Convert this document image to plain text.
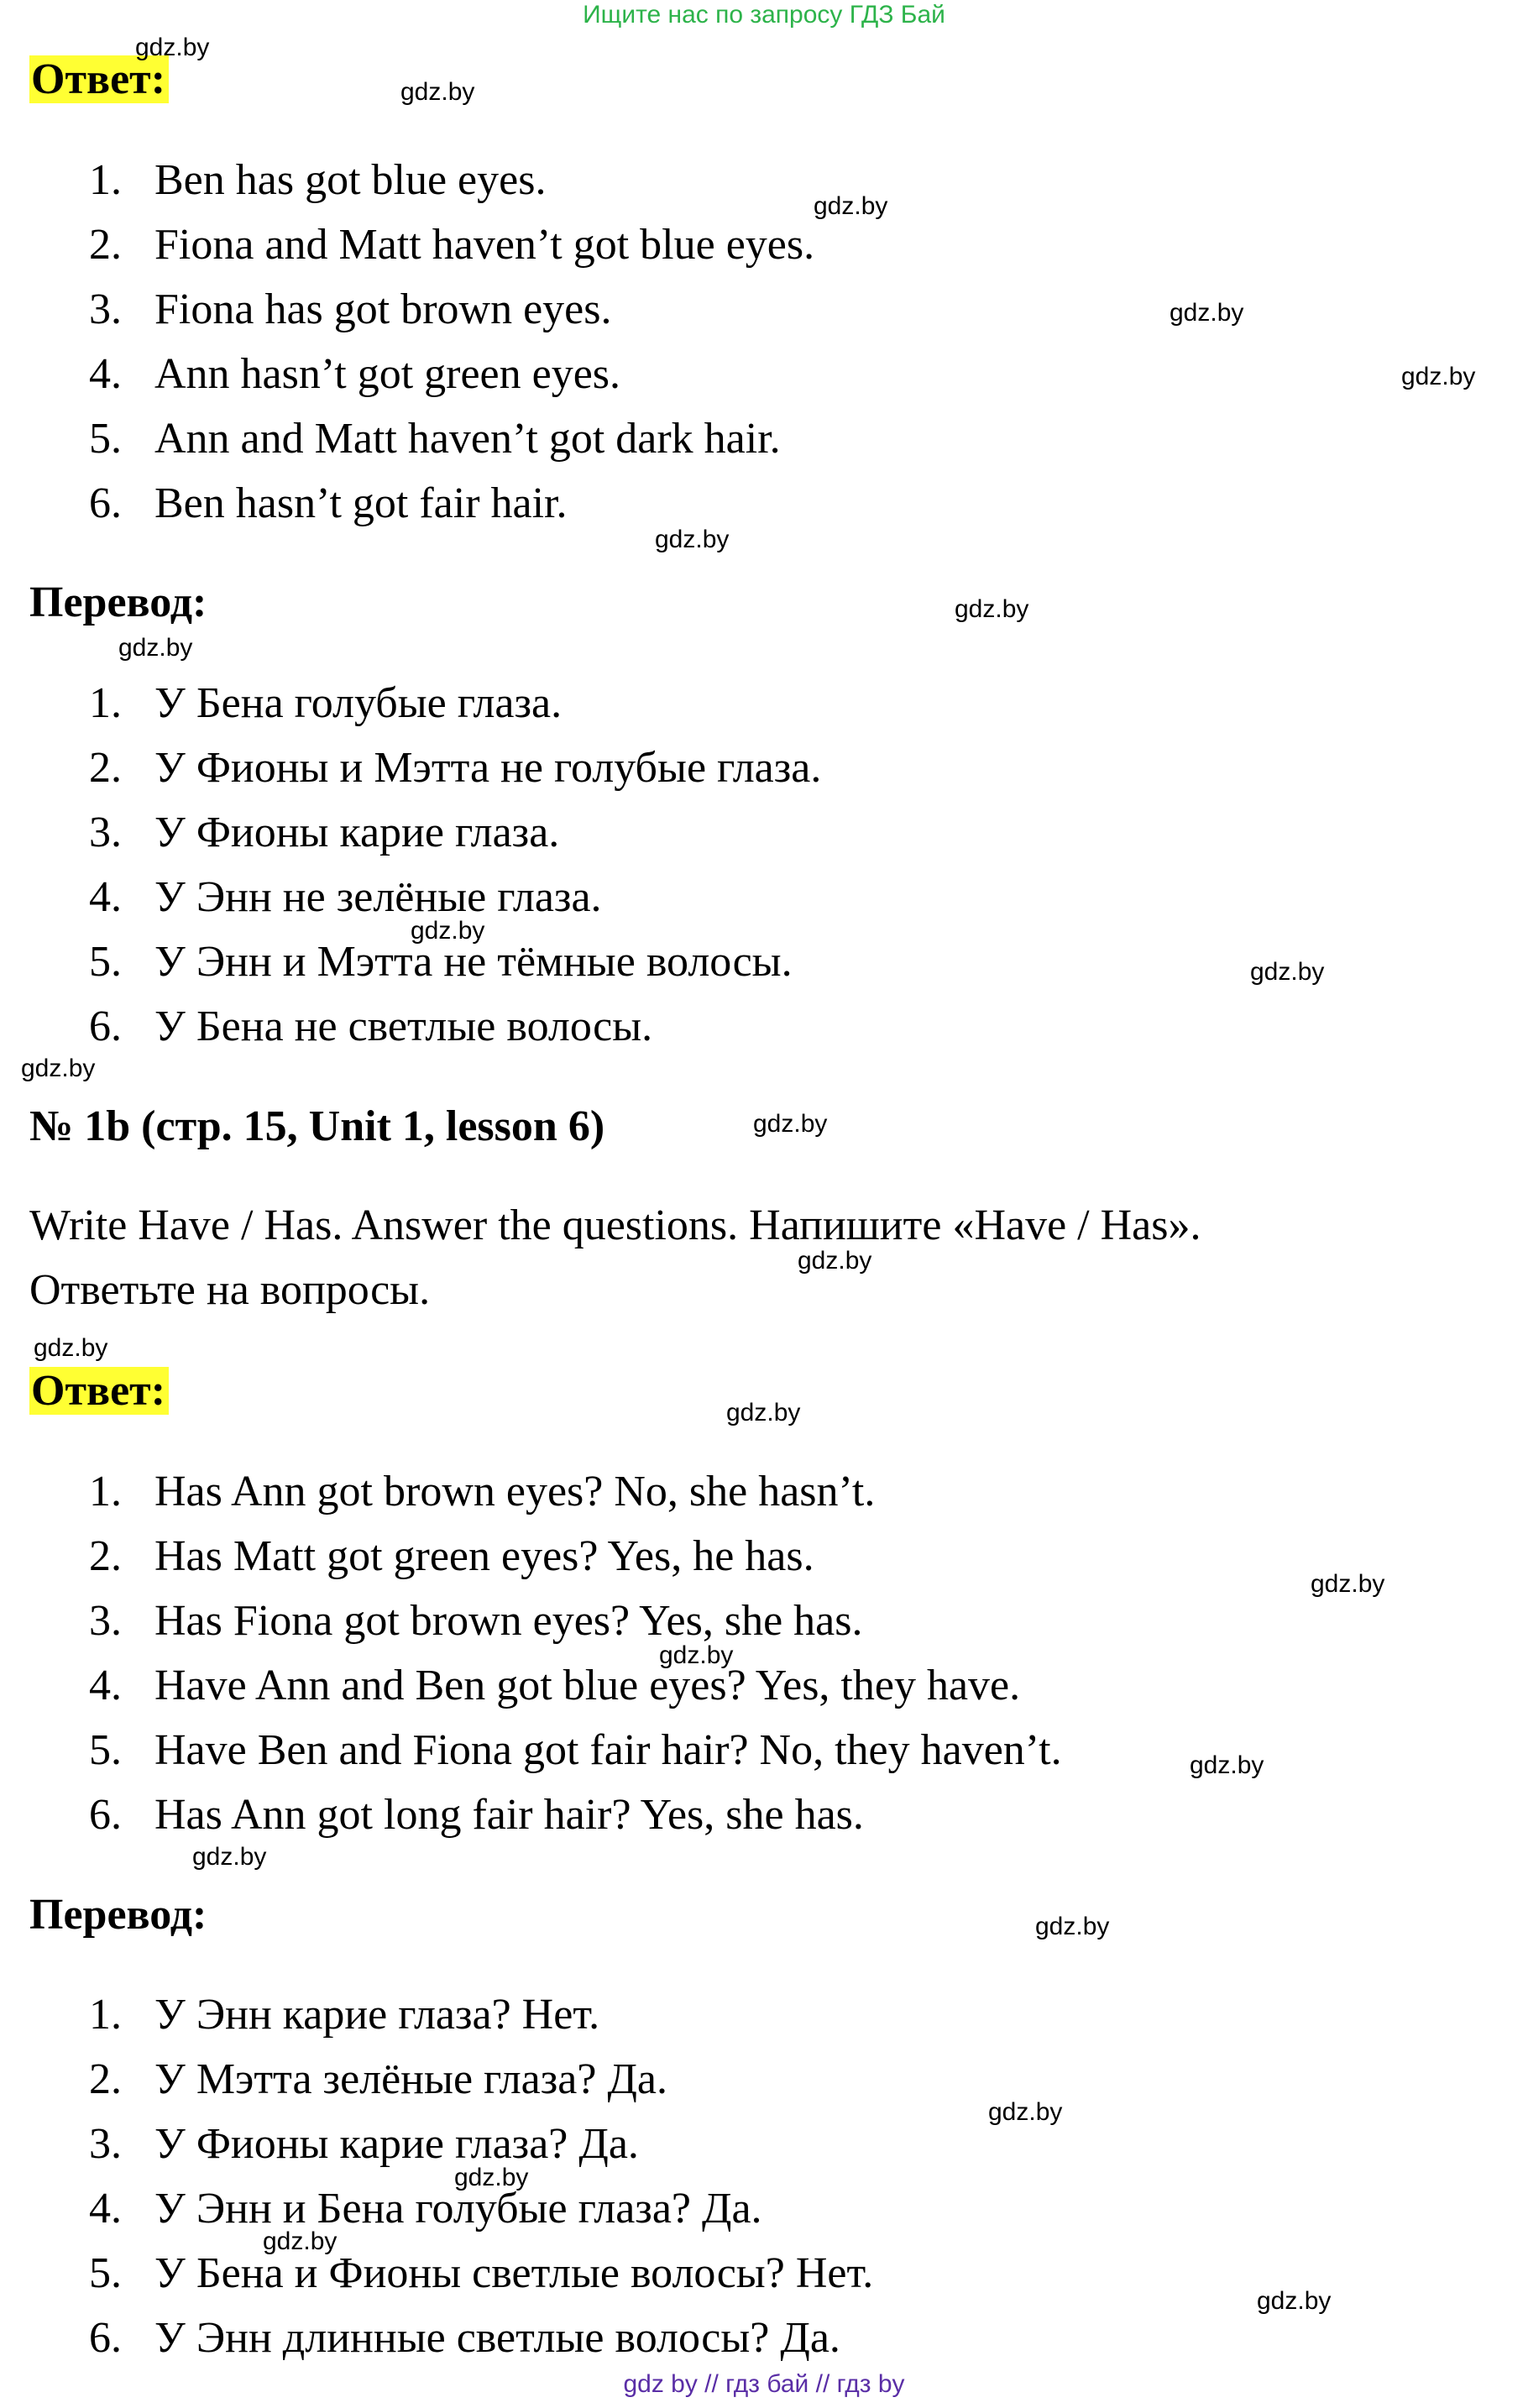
Ищите нас по запросу ГДЗ Бай
Ответ:
1. Ben has got blue eyes.
2. Fiona and Matt haven’t got blue eyes.
3. Fiona has got brown eyes.
4. Ann hasn’t got green eyes.
5. Ann and Matt haven’t got dark hair.
6. Ben hasn’t got fair hair.
Перевод:
1. У Бена голубые глаза.
2. У Фионы и Мэтта не голубые глаза.
3. У Фионы карие глаза.
4. У Энн не зелёные глаза.
5. У Энн и Мэтта не тёмные волосы.
6. У Бена не светлые волосы.
№ 1b (стр. 15, Unit 1, lesson 6)
Write Have / Has. Answer the questions. Напишите «Have / Has».
Ответьте на вопросы.
Ответ:
1. Has Ann got brown eyes? No, she hasn’t.
2. Has Matt got green eyes? Yes, he has.
3. Has Fiona got brown eyes? Yes, she has.
4. Have Ann and Ben got blue eyes? Yes, they have.
5. Have Ben and Fiona got fair hair? No, they haven’t.
6. Has Ann got long fair hair? Yes, she has.
Перевод:
1. У Энн карие глаза? Нет.
2. У Мэтта зелёные глаза? Да.
3. У Фионы карие глаза? Да.
4. У Энн и Бена голубые глаза? Да.
5. У Бена и Фионы светлые волосы? Нет.
6. У Энн длинные светлые волосы? Да.
gdz.by
gdz.by
gdz.by
gdz.by
gdz.by
gdz.by
gdz.by
gdz.by
gdz.by
gdz.by
gdz.by
gdz.by
gdz.by
gdz.by
gdz.by
gdz.by
gdz.by
gdz.by
gdz.by
gdz.by
gdz.by
gdz.by
gdz.by
gdz.by
gdz by // гдз бай // гдз by
